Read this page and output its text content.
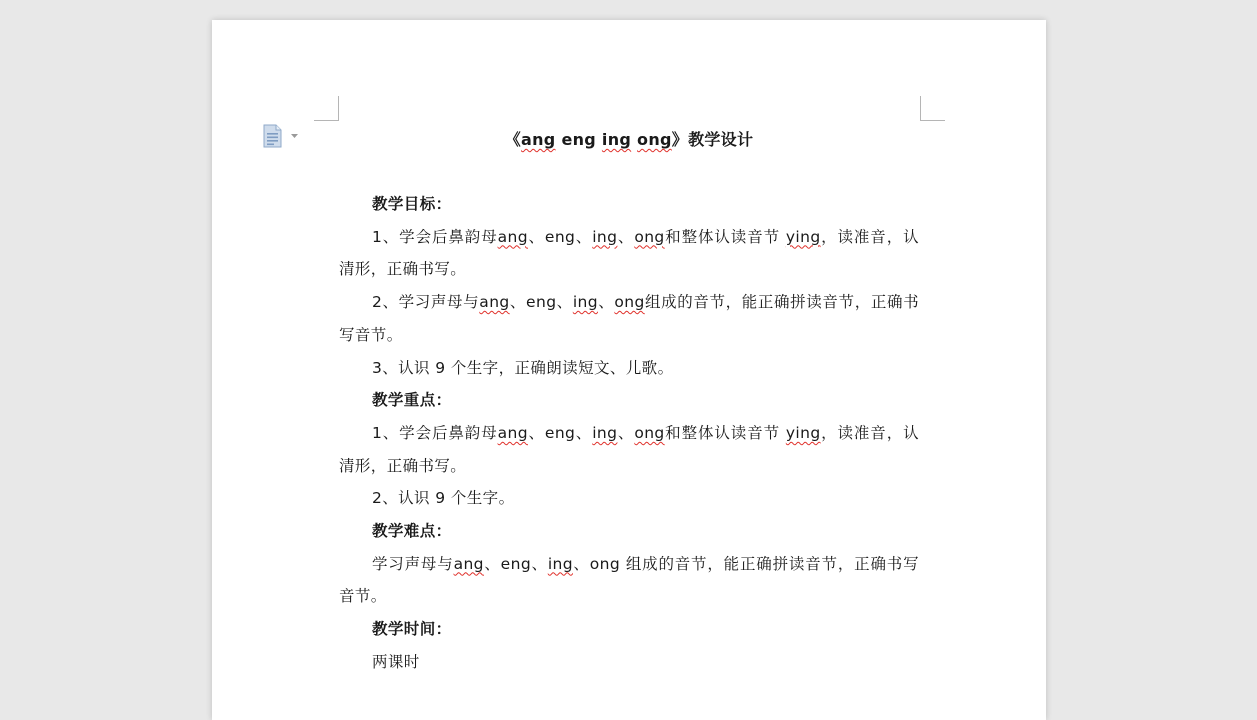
《ang eng ing ong》教学设计

教学目标：

1、学会后鼻韵母ang、eng、ing、ong和整体认读音节 ying，读准音，认清形，正确书写。

2、学习声母与ang、eng、ing、ong组成的音节，能正确拼读音节，正确书写音节。

3、认识 9 个生字，正确朗读短文、儿歌。

教学重点：

1、学会后鼻韵母ang、eng、ing、ong和整体认读音节 ying，读准音，认清形，正确书写。

2、认识 9 个生字。

教学难点：

学习声母与ang、eng、ing、ong 组成的音节，能正确拼读音节，正确书写音节。

教学时间：

两课时
